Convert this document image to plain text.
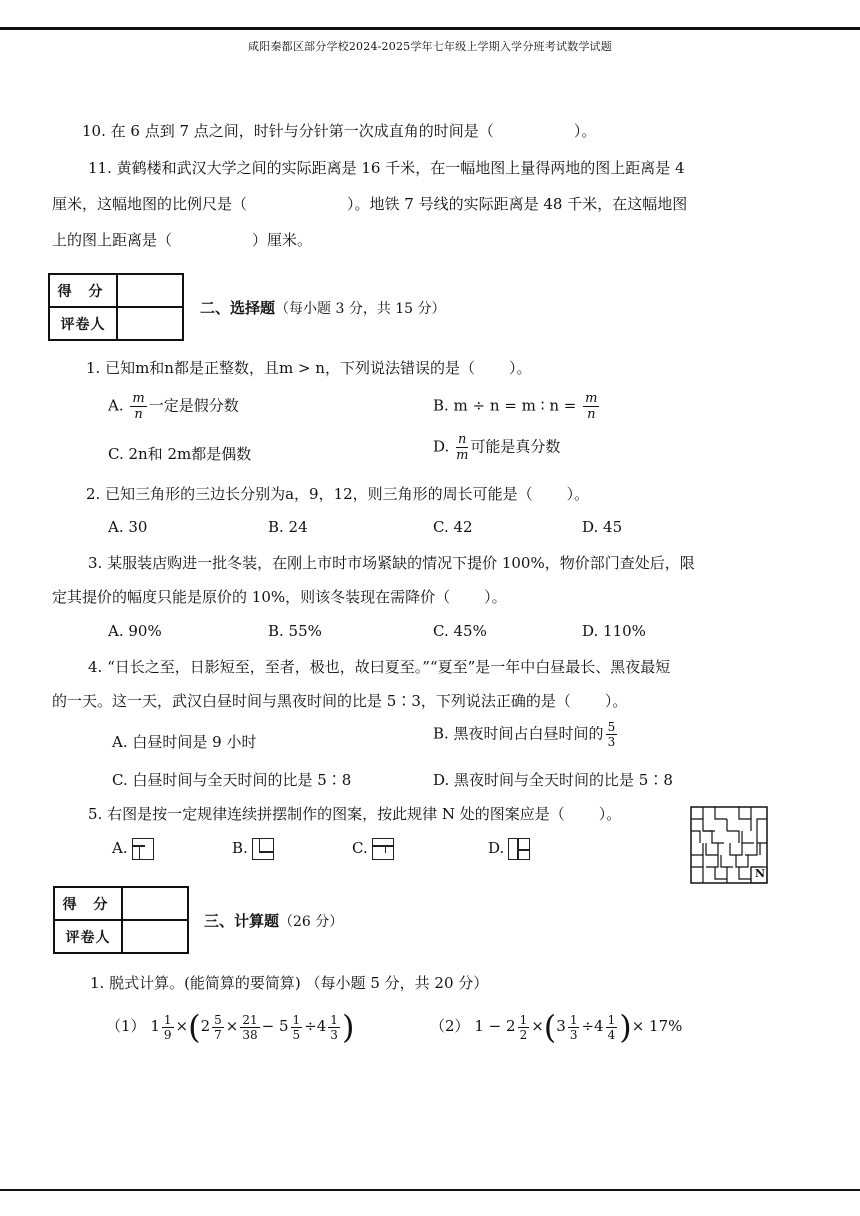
咸阳秦都区部分学校2024-2025学年七年级上学期入学分班考试数学试题
10. 在 6 点到 7 点之间，时针与分针第一次成直角的时间是（	）。
11. 黄鹤楼和武汉大学之间的实际距离是 16 千米，在一幅地图上量得两地的图上距离是 4
厘米，这幅地图的比例尺是（	）。地铁 7 号线的实际距离是 48 千米，在这幅地图
上的图上距离是（	）厘米。
得 分
评卷人
二、选择题（每小题 3 分，共 15 分）
1. 已知m和n都是正整数，且m > n，下列说法错误的是（ ）。
A. $\frac{m}{n}$ 一定是假分数	B. m ÷ n = m ∶ $n = \frac{m}{n}$
C. 2n和 2m都是偶数	D. $\frac{n}{m}$ 可能是真分数
2. 已知三角形的三边长分别为a，9，12，则三角形的周长可能是（ ）。
A. 30	B. 24	C. 42	D. 45
3. 某服装店购进一批冬装，在刚上市时市场紧缺的情况下提价 100%，物价部门查处后，限
定其提价的幅度只能是原价的 10%，则该冬装现在需降价（ ）。
A. 90%	B. 55%	C. 45%	D. 110%
4. “日长之至，日影短至，至者，极也，故曰夏至。”“夏至”是一年中白昼最长、黑夜最短
的一天。这一天，武汉白昼时间与黑夜时间的比是 5∶3，下列说法正确的是（ ）。
A. 白昼时间是 9 小时	B. 黑夜时间占白昼时间的 $\frac{5}{3}$
C. 白昼时间与全天时间的比是 5∶8	D. 黑夜时间与全天时间的比是 5∶8
5. 右图是按一定规律连续拼摆制作的图案，按此规律 N 处的图案应是（ ）。
A.	B.	C.	D.
N
得 分
评卷人
三、计算题（26 分）
1. 脱式计算。(能简算的要简算) （每小题 5 分，共 20 分）
（1） $1 \frac{1}{9} \times(2 \frac{5}{7} \times \frac{21}{38} - 5 \frac{1}{5} \div 4 \frac{1}{3}$ )	（2） $1 - 2 \frac{1}{2} \times(3 \frac{1}{3} \div 4 \frac{1}{4}$ )× 17%
